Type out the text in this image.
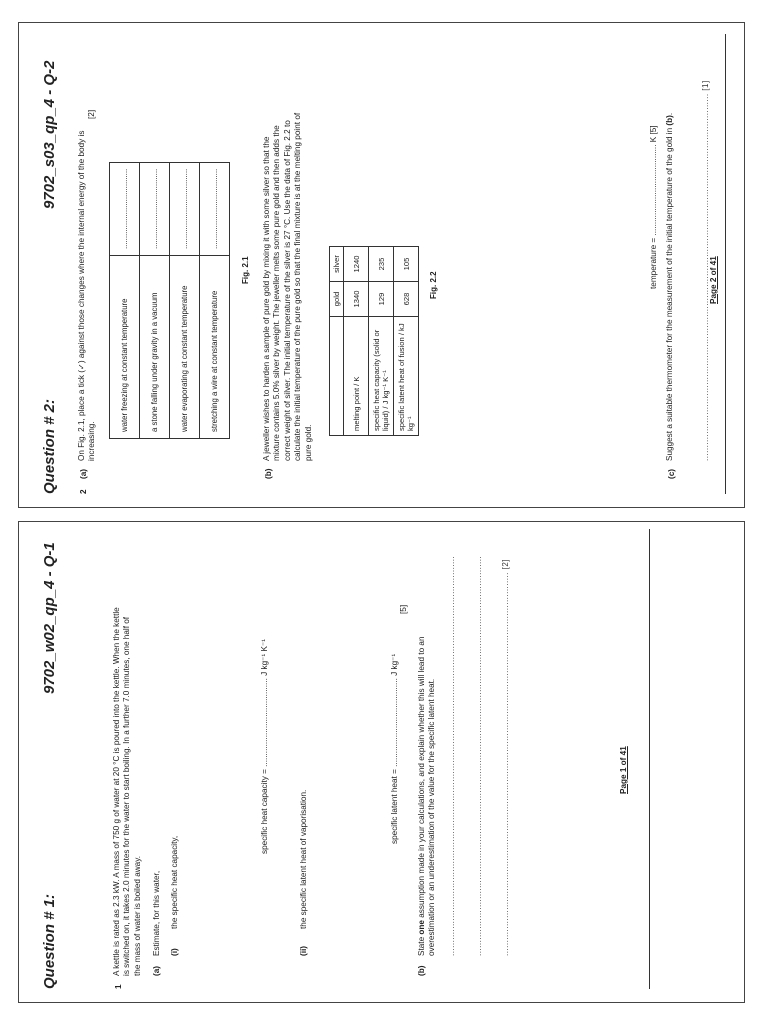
Question # 1:
9702_w02_qp_4 - Q-1
1
A kettle is rated as 2.3 kW. A mass of 750 g of water at 20 °C is poured into the kettle. When the kettle is switched on, it takes 2.0 minutes for the water to start boiling. In a further 7.0 minutes, one half of the mass of water is boiled away. (a)
Estimate, for this water, (i)
the specific heat capacity,
specific heat capacity = ....................................... J kg⁻¹ K⁻¹
(ii)
the specific latent heat of vaporisation.
specific latent heat = ....................................... J kg⁻¹
[5]
(b)
State one assumption made in your calculations, and explain whether this will lead to an overestimation or an underestimation of the value for the specific latent heat. ................................................................................................................................................... ................................................................................................................................................... ............................................................................................................................................. [2]	Page 1 of 41
Question # 2:
9702_s03_qp_4 - Q-2
2
(a)
On Fig. 2.1, place a tick (✓) against those changes where the internal energy of the body is increasing.
[2]
water freezing at constant temperature	.....................................
a stone falling under gravity in a vacuum	.....................................
water evaporating at constant temperature	.....................................
stretching a wire at constant temperature	.....................................
Fig. 2.1
(b)
A jeweller wishes to harden a sample of pure gold by mixing it with some silver so that the mixture contains 5.0% silver by weight. The jeweller melts some pure gold and then adds the correct weight of silver. The initial temperature of the silver is 27 °C. Use the data of Fig. 2.2 to calculate the initial temperature of the pure gold so that the final mixture is at the melting point of pure gold.
	gold	silver
melting point / K	1340	1240
specific heat capacity (solid or liquid) / J kg⁻¹ K⁻¹	129	235
specific latent heat of fusion / kJ kg⁻¹	628	105
Fig. 2.2	temperature = ........................................ K [5]
(c)
Suggest a suitable thermometer for the measurement of the initial temperature of the gold in (b).	....................................................................................................................................... [1] Page 2 of 41
